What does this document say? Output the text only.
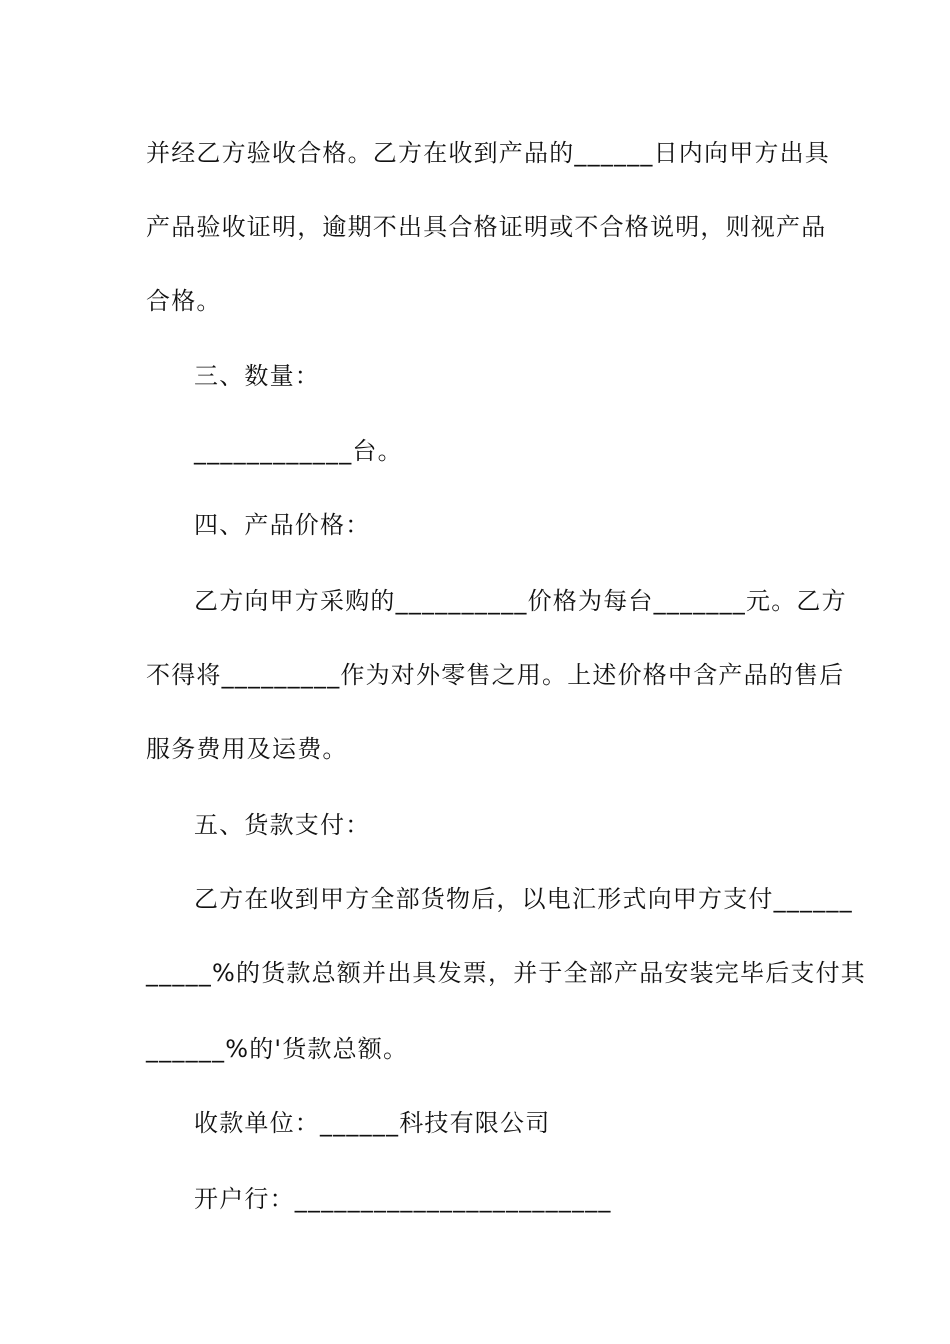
并经乙方验收合格。乙方在收到产品的______日内向甲方出具
产品验收证明，逾期不出具合格证明或不合格说明，则视产品
合格。
三、数量：
____________台。
四、产品价格：
乙方向甲方采购的__________价格为每台_______元。乙方
不得将_________作为对外零售之用。上述价格中含产品的售后
服务费用及运费。
五、货款支付：
乙方在收到甲方全部货物后，以电汇形式向甲方支付______
_____%的货款总额并出具发票，并于全部产品安装完毕后支付其
______%的'货款总额。
收款单位：______科技有限公司
开户行：________________________
